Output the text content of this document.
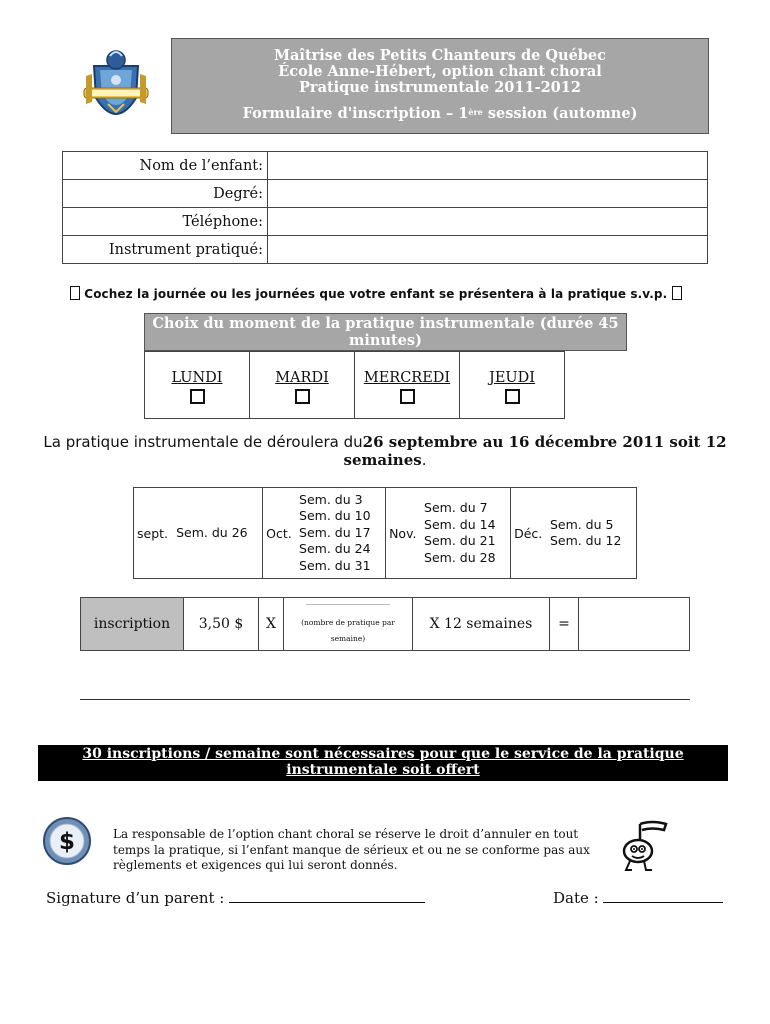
Maîtrise des Petits Chanteurs de Québec
École Anne-Hébert, option chant choral
Pratique instrumentale 2011-2012
Formulaire d'inscription – 1ère session (automne)
Nom de l’enfant:	
Degré:	
Téléphone:	
Instrument pratiqué:	
Cochez la journée ou les journées que votre enfant se présentera à la pratique s.v.p.
Choix du moment de la pratique instrumentale (durée 45 minutes)
LUNDI	MARDI	MERCREDI	JEUDI
La pratique instrumentale de déroulera du26 septembre au 16 décembre 2011 soit 12 semaines.
sept.	Sem. du 26	Oct.	
Sem. du 3
Sem. du 10
Sem. du 17
Sem. du 24
Sem. du 31
	Nov.	
Sem. du 7
Sem. du 14
Sem. du 21
Sem. du 28
	Déc.	
Sem. du 5
Sem. du 12
inscription	3,50 $	X	(nombre de pratique par semaine)	X 12 semaines	=	
30 inscriptions / semaine sont nécessaires pour que le service de la pratique instrumentale soit offert
$	La responsable de l’option chant choral se réserve le droit d’annuler en tout temps la pratique, si l’enfant manque de sérieux et ou ne se conforme pas aux règlements et exigences qui lui seront donnés.
Signature d’un parent :	Date :
